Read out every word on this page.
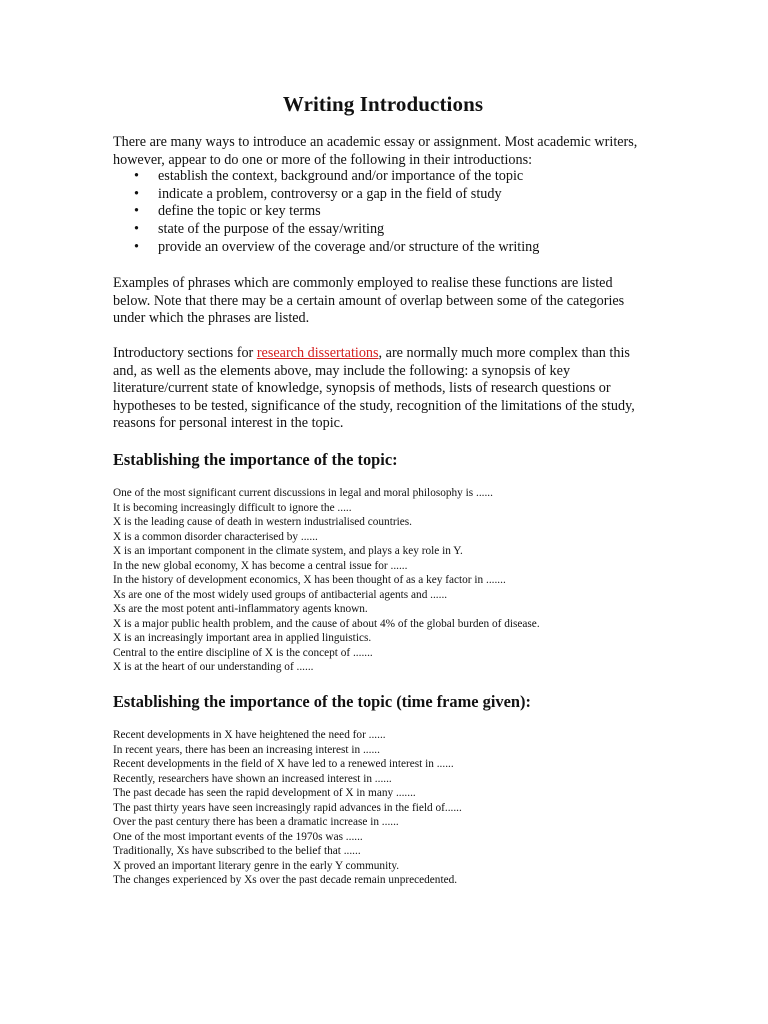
Writing Introductions

There are many ways to introduce an academic essay or assignment. Most academic writers, however, appear to do one or more of the following in their introductions:

• establish the context, background and/or importance of the topic
• indicate a problem, controversy or a gap in the field of study
• define the topic or key terms
• state of the purpose of the essay/writing
• provide an overview of the coverage and/or structure of the writing

Examples of phrases which are commonly employed to realise these functions are listed below. Note that there may be a certain amount of overlap between some of the categories under which the phrases are listed.

Introductory sections for research dissertations, are normally much more complex than this and, as well as the elements above, may include the following: a synopsis of key literature/current state of knowledge, synopsis of methods, lists of research questions or hypotheses to be tested, significance of the study, recognition of the limitations of the study, reasons for personal interest in the topic.

Establishing the importance of the topic:
One of the most significant current discussions in legal and moral philosophy is ......
It is becoming increasingly difficult to ignore the .....
X is the leading cause of death in western industrialised countries.
X is a common disorder characterised by ......
X is an important component in the climate system, and plays a key role in Y.
In the new global economy, X has become a central issue for ......
In the history of development economics, X has been thought of as a key factor in .......
Xs are one of the most widely used groups of antibacterial agents and ......
Xs are the most potent anti-inflammatory agents known.
X is a major public health problem, and the cause of about 4% of the global burden of disease.
X is an increasingly important area in applied linguistics.
Central to the entire discipline of X is the concept of .......
X is at the heart of our understanding of ......
Establishing the importance of the topic (time frame given):
Recent developments in X have heightened the need for ......
In recent years, there has been an increasing interest in ......
Recent developments in the field of X have led to a renewed interest in ......
Recently, researchers have shown an increased interest in ......
The past decade has seen the rapid development of X in many .......
The past thirty years have seen increasingly rapid advances in the field of......
Over the past century there has been a dramatic increase in ......
One of the most important events of the 1970s was ......
Traditionally, Xs have subscribed to the belief that ......
X proved an important literary genre in the early Y community.
The changes experienced by Xs over the past decade remain unprecedented.
